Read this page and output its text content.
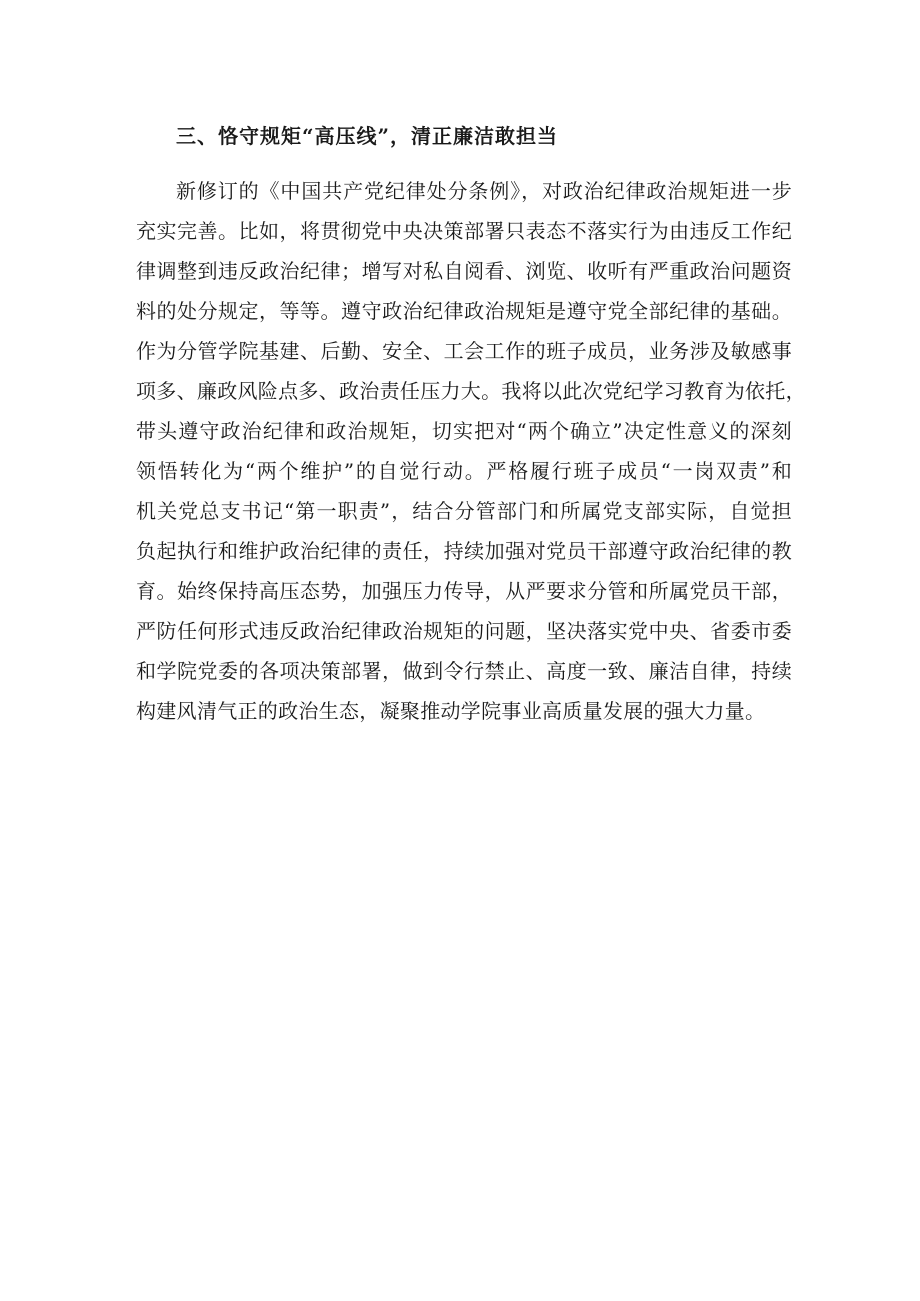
三、恪守规矩“高压线”，清正廉洁敢担当
新修订的《中国共产党纪律处分条例》，对政治纪律政治规矩进一步
充实完善。比如，将贯彻党中央决策部署只表态不落实行为由违反工作纪
律调整到违反政治纪律；增写对私自阅看、浏览、收听有严重政治问题资
料的处分规定，等等。遵守政治纪律政治规矩是遵守党全部纪律的基础。
作为分管学院基建、后勤、安全、工会工作的班子成员，业务涉及敏感事
项多、廉政风险点多、政治责任压力大。我将以此次党纪学习教育为依托，
带头遵守政治纪律和政治规矩，切实把对“两个确立”决定性意义的深刻
领悟转化为“两个维护”的自觉行动。严格履行班子成员“一岗双责”和
机关党总支书记“第一职责”，结合分管部门和所属党支部实际，自觉担
负起执行和维护政治纪律的责任，持续加强对党员干部遵守政治纪律的教
育。始终保持高压态势，加强压力传导，从严要求分管和所属党员干部，
严防任何形式违反政治纪律政治规矩的问题，坚决落实党中央、省委市委
和学院党委的各项决策部署，做到令行禁止、高度一致、廉洁自律，持续
构建风清气正的政治生态，凝聚推动学院事业高质量发展的强大力量。
